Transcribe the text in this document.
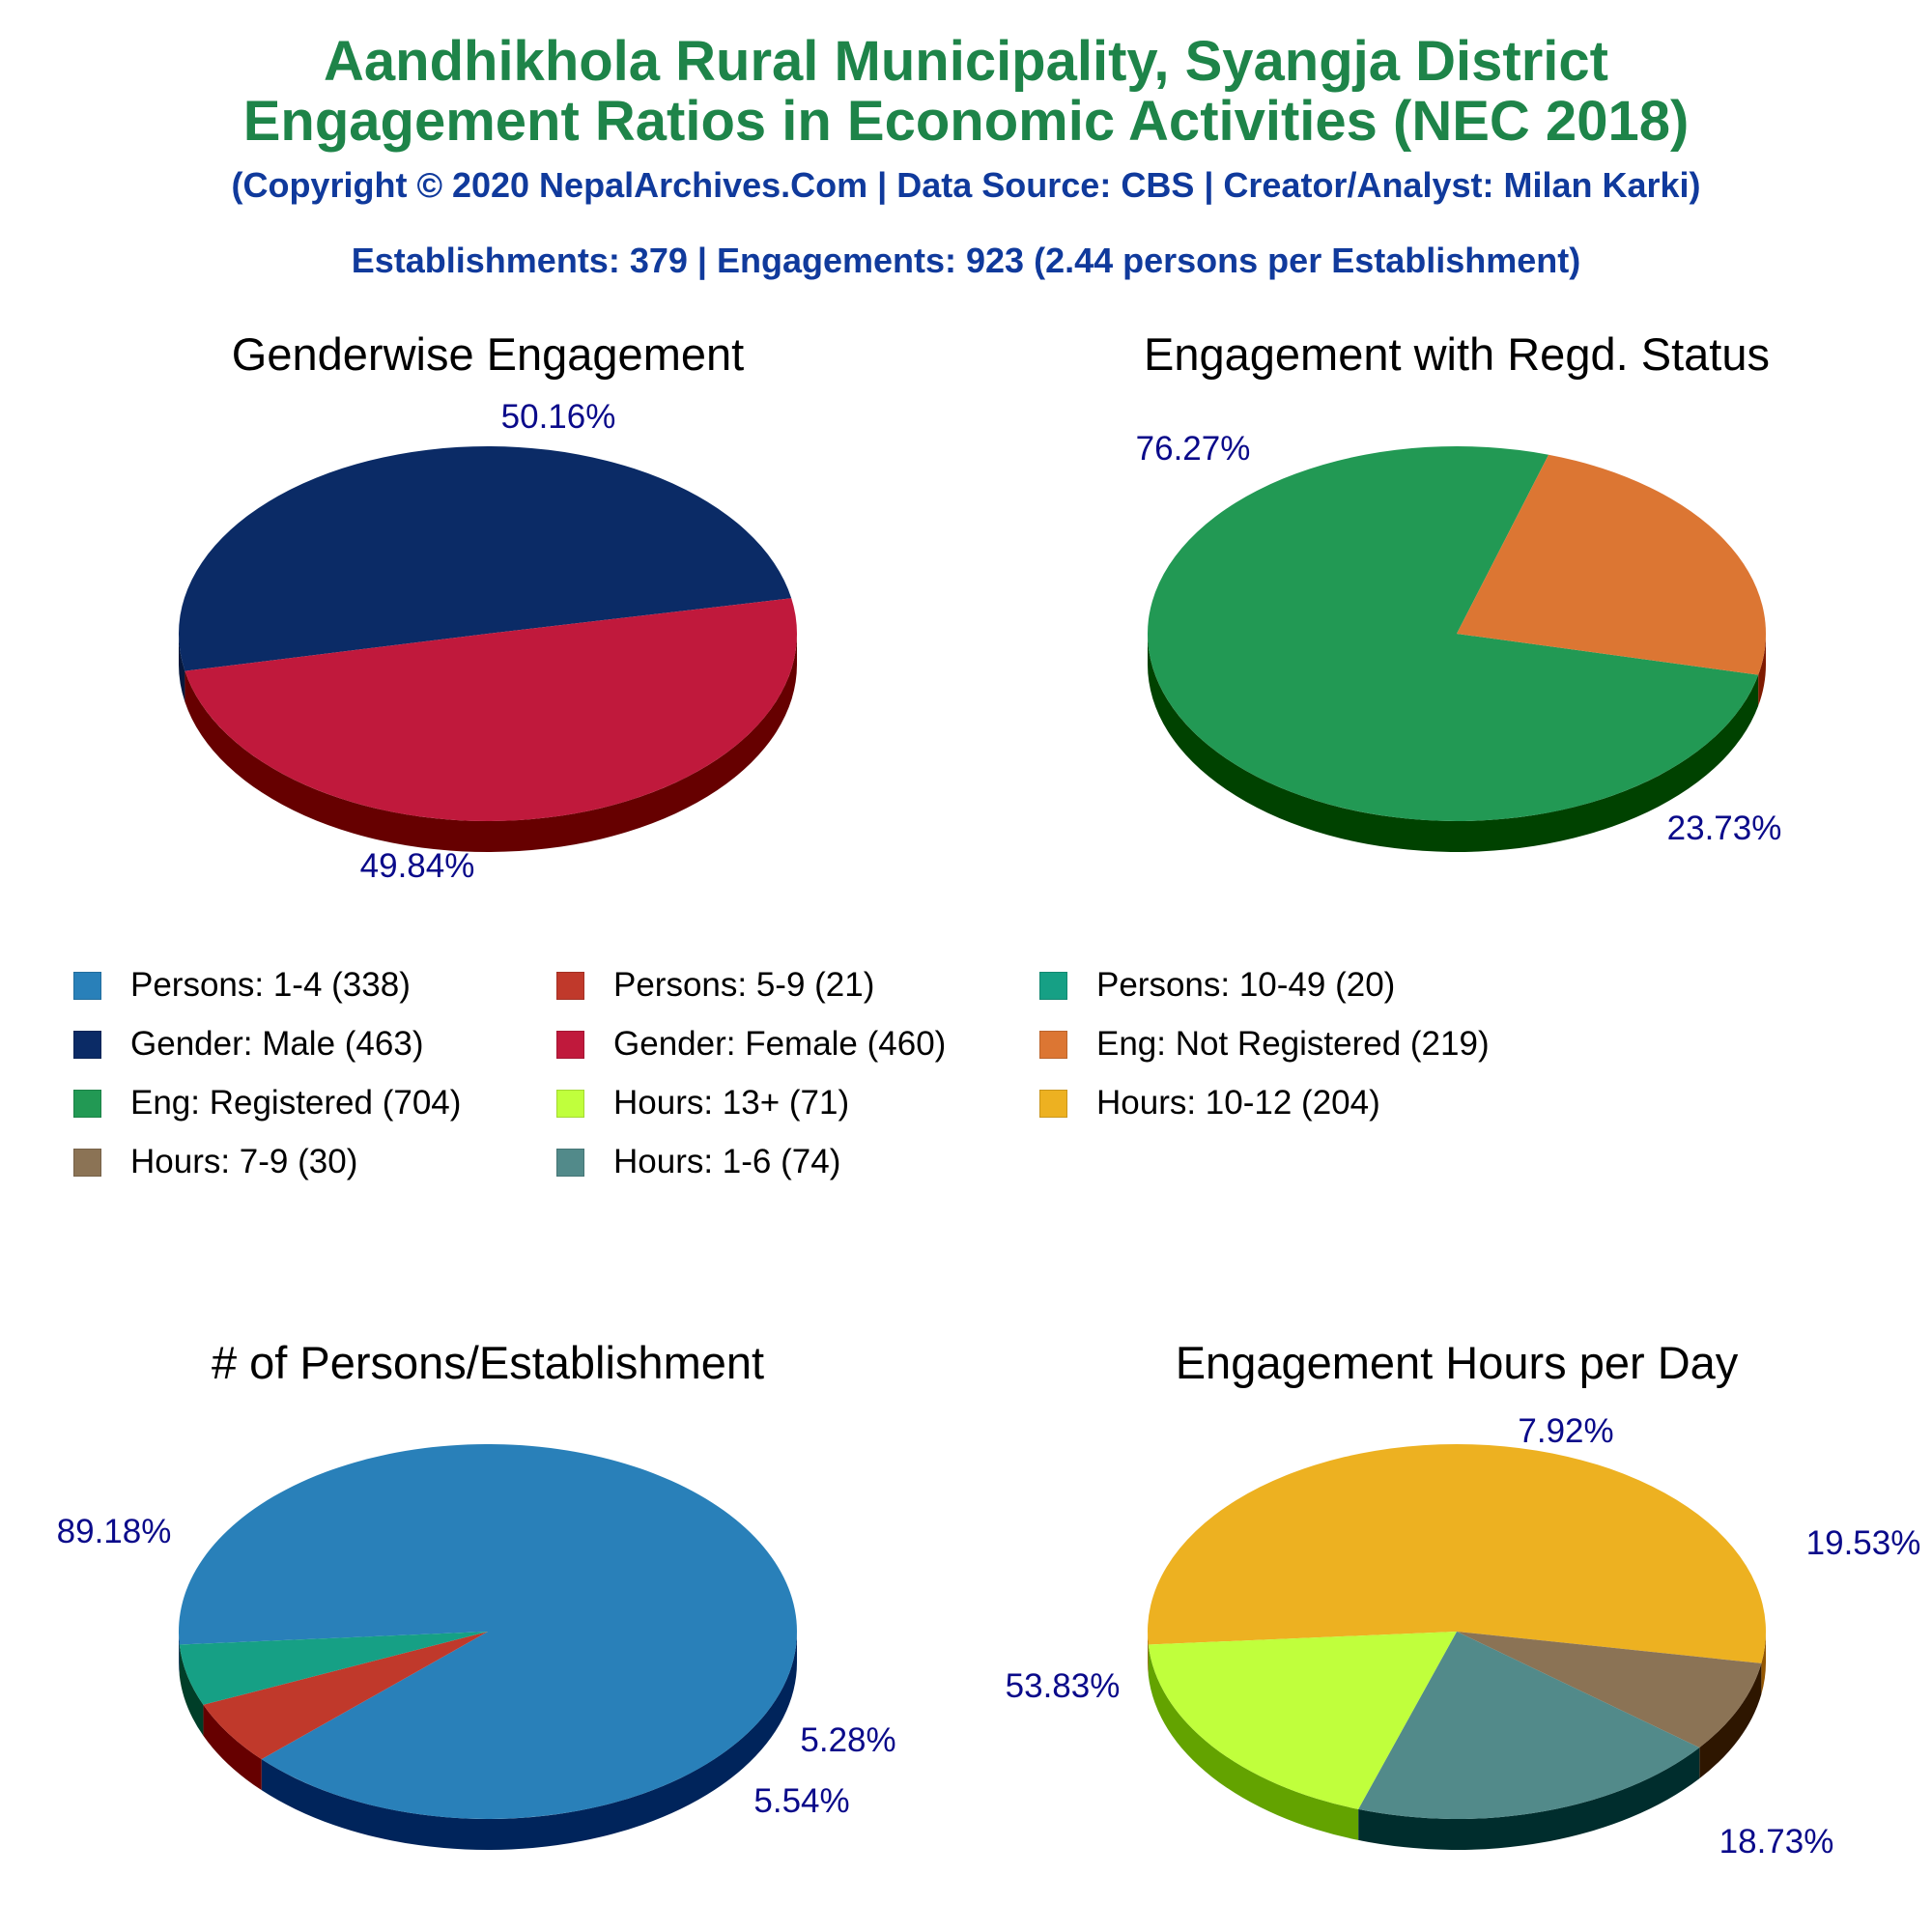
Aandhikhola Rural Municipality, Syangja District
Engagement Ratios in Economic Activities (NEC 2018)
(Copyright © 2020 NepalArchives.Com | Data Source: CBS | Creator/Analyst: Milan Karki)
Establishments: 379 | Engagements: 923 (2.44 persons per Establishment)
Genderwise Engagement
50.16%
49.84%
Engagement with Regd. Status
76.27%
23.73%
# of Persons/Establishment
89.18%
5.54%
5.28%
Engagement Hours per Day
53.83%
7.92%
19.53%
18.73%
Persons: 1-4 (338)	Persons: 5-9 (21)	Persons: 10-49 (20)
Gender: Male (463)	Gender: Female (460)	Eng: Not Registered (219)
Eng: Registered (704)	Hours: 13+ (71)	Hours: 10-12 (204)
Hours: 7-9 (30)	Hours: 1-6 (74)
